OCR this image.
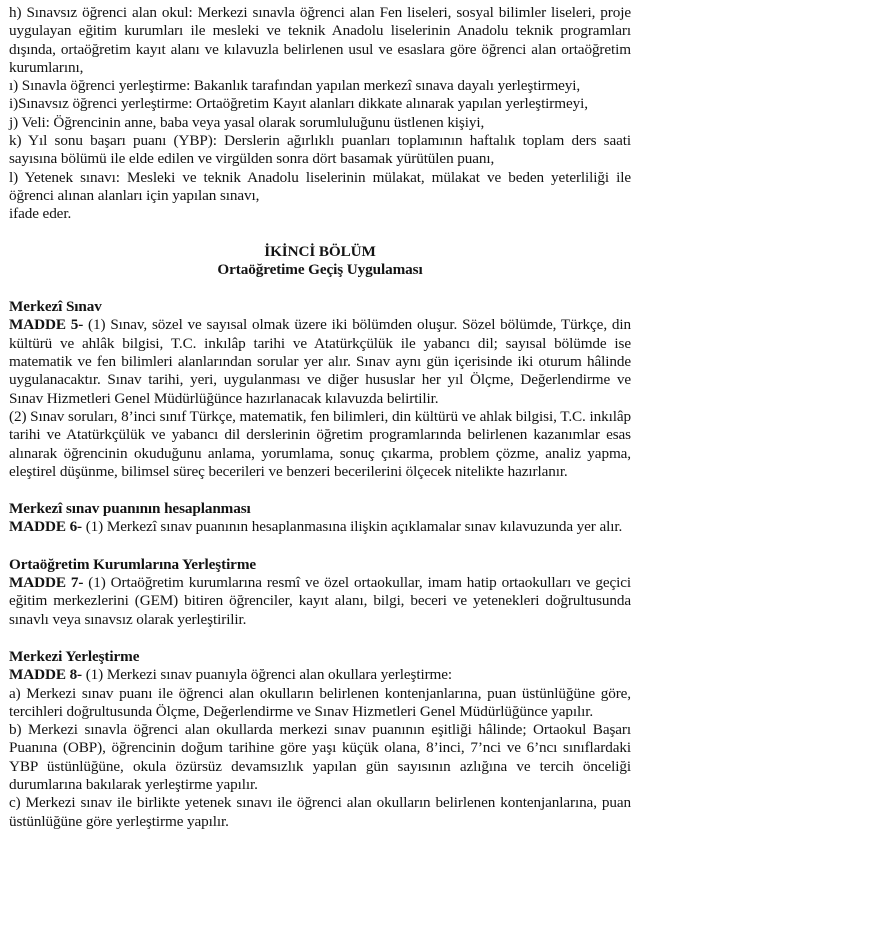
h) Sınavsız öğrenci alan okul: Merkezi sınavla öğrenci alan Fen liseleri, sosyal bilimler liseleri, proje uygulayan eğitim kurumları ile mesleki ve teknik Anadolu liselerinin Anadolu teknik programları dışında, ortaöğretim kayıt alanı ve kılavuzla belirlenen usul ve esaslara göre öğrenci alan ortaöğretim kurumlarını,

ı) Sınavla öğrenci yerleştirme: Bakanlık tarafından yapılan merkezî sınava dayalı yerleştirmeyi,

i)Sınavsız öğrenci yerleştirme: Ortaöğretim Kayıt alanları dikkate alınarak yapılan yerleştirmeyi,

j) Veli: Öğrencinin anne, baba veya yasal olarak sorumluluğunu üstlenen kişiyi,

k) Yıl sonu başarı puanı (YBP): Derslerin ağırlıklı puanları toplamının haftalık toplam ders saati sayısına bölümü ile elde edilen ve virgülden sonra dört basamak yürütülen puanı,

l) Yetenek sınavı: Mesleki ve teknik Anadolu liselerinin mülakat, mülakat ve beden yeterliliği ile öğrenci alınan alanları için yapılan sınavı,

ifade eder.

İKİNCİ BÖLÜM
Ortaöğretime Geçiş Uygulaması

Merkezî Sınav

MADDE 5- (1) Sınav, sözel ve sayısal olmak üzere iki bölümden oluşur. Sözel bölümde, Türkçe, din kültürü ve ahlâk bilgisi, T.C. inkılâp tarihi ve Atatürkçülük ile yabancı dil; sayısal bölümde ise matematik ve fen bilimleri alanlarından sorular yer alır. Sınav aynı gün içerisinde iki oturum hâlinde uygulanacaktır. Sınav tarihi, yeri, uygulanması ve diğer hususlar her yıl Ölçme, Değerlendirme ve Sınav Hizmetleri Genel Müdürlüğünce hazırlanacak kılavuzda belirtilir.

(2) Sınav soruları, 8’inci sınıf Türkçe, matematik, fen bilimleri, din kültürü ve ahlak bilgisi, T.C. inkılâp tarihi ve Atatürkçülük ve yabancı dil derslerinin öğretim programlarında belirlenen kazanımlar esas alınarak öğrencinin okuduğunu anlama, yorumlama, sonuç çıkarma, problem çözme, analiz yapma, eleştirel düşünme, bilimsel süreç becerileri ve benzeri becerilerini ölçecek nitelikte hazırlanır.

Merkezî sınav puanının hesaplanması

MADDE 6- (1) Merkezî sınav puanının hesaplanmasına ilişkin açıklamalar sınav kılavuzunda yer alır.

Ortaöğretim Kurumlarına Yerleştirme

MADDE 7- (1) Ortaöğretim kurumlarına resmî ve özel ortaokullar, imam hatip ortaokulları ve geçici eğitim merkezlerini (GEM) bitiren öğrenciler, kayıt alanı, bilgi, beceri ve yetenekleri doğrultusunda sınavlı veya sınavsız olarak yerleştirilir.

Merkezi Yerleştirme

MADDE 8- (1) Merkezi sınav puanıyla öğrenci alan okullara yerleştirme:

a) Merkezi sınav puanı ile öğrenci alan okulların belirlenen kontenjanlarına, puan üstünlüğüne göre, tercihleri doğrultusunda Ölçme, Değerlendirme ve Sınav Hizmetleri Genel Müdürlüğünce yapılır.

b) Merkezi sınavla öğrenci alan okullarda merkezi sınav puanının eşitliği hâlinde; Ortaokul Başarı Puanına (OBP), öğrencinin doğum tarihine göre yaşı küçük olana, 8’inci, 7’nci ve 6’ncı sınıflardaki YBP üstünlüğüne, okula özürsüz devamsızlık yapılan gün sayısının azlığına ve tercih önceliği durumlarına bakılarak yerleştirme yapılır.

c) Merkezi sınav ile birlikte yetenek sınavı ile öğrenci alan okulların belirlenen kontenjanlarına, puan üstünlüğüne göre yerleştirme yapılır.
